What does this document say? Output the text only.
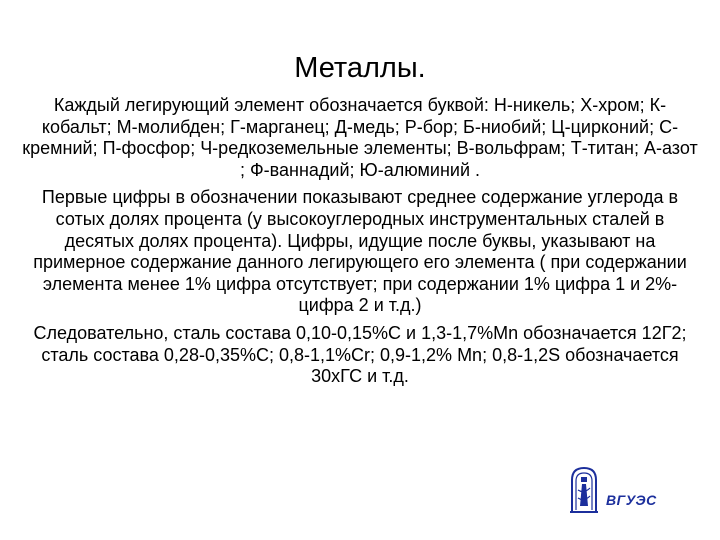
Металлы.

Каждый легирующий элемент обозначается буквой: Н-никель; Х-хром; К-кобальт; М-молибден; Г-марганец; Д-медь; Р-бор; Б-ниобий; Ц-цирконий; С-кремний; П-фосфор; Ч-редкоземельные элементы; В-вольфрам; Т-титан; А-азот ; Ф-ваннадий; Ю-алюминий .

Первые цифры в обозначении показывают среднее содержание углерода в сотых долях процента (у высокоуглеродных инструментальных сталей в десятых долях процента). Цифры, идущие после буквы, указывают на примерное содержание данного легирующего его элемента ( при содержании элемента менее 1% цифра отсутствует; при содержании 1% цифра 1 и 2%- цифра 2 и т.д.)

Следовательно, сталь состава 0,10-0,15%С и 1,3-1,7%Mn обозначается 12Г2; сталь состава 0,28-0,35%С; 0,8-1,1%Cr; 0,9-1,2% Mn; 0,8-1,2S обозначается 30хГС и т.д.

ВГУЭС
